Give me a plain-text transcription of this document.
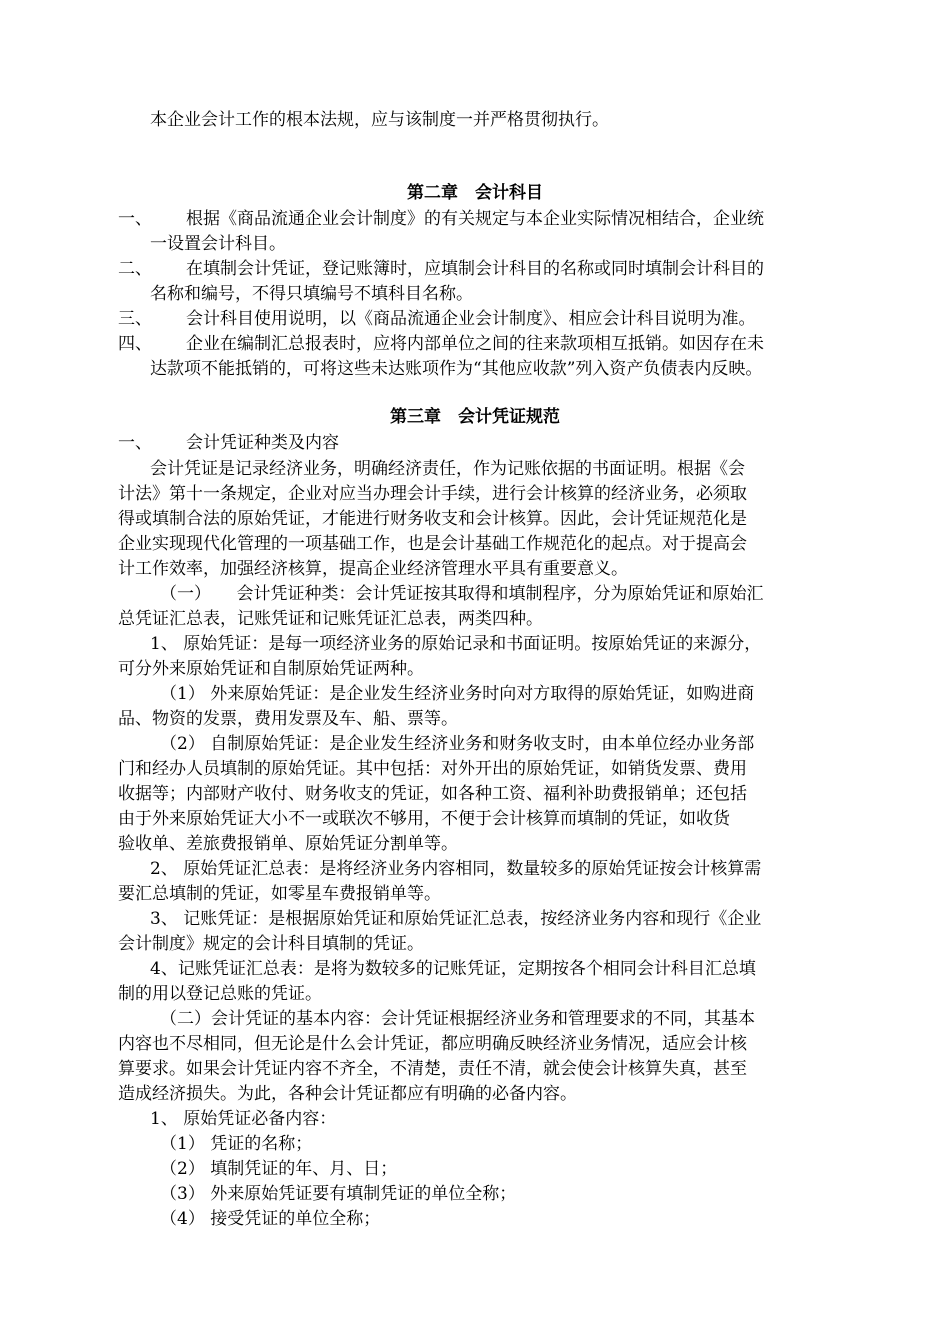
本企业会计工作的根本法规，应与该制度一并严格贯彻执行。
第二章　会计科目
一、 根据《商品流通企业会计制度》的有关规定与本企业实际情况相结合，企业统
一设置会计科目。
二、 在填制会计凭证，登记账簿时，应填制会计科目的名称或同时填制会计科目的
名称和编号，不得只填编号不填科目名称。
三、 会计科目使用说明，以《商品流通企业会计制度》、相应会计科目说明为准。
四、 企业在编制汇总报表时，应将内部单位之间的往来款项相互抵销。如因存在未
达款项不能抵销的，可将这些未达账项作为“其他应收款”列入资产负债表内反映。
第三章　会计凭证规范
一、 会计凭证种类及内容
会计凭证是记录经济业务，明确经济责任，作为记账依据的书面证明。根据《会
计法》第十一条规定，企业对应当办理会计手续，进行会计核算的经济业务，必须取
得或填制合法的原始凭证，才能进行财务收支和会计核算。因此，会计凭证规范化是
企业实现现代化管理的一项基础工作，也是会计基础工作规范化的起点。对于提高会
计工作效率，加强经济核算，提高企业经济管理水平具有重要意义。
（一）　　会计凭证种类：会计凭证按其取得和填制程序，分为原始凭证和原始汇
总凭证汇总表，记账凭证和记账凭证汇总表，两类四种。
1、 原始凭证：是每一项经济业务的原始记录和书面证明。按原始凭证的来源分，
可分外来原始凭证和自制原始凭证两种。
（1） 外来原始凭证：是企业发生经济业务时向对方取得的原始凭证，如购进商
品、物资的发票，费用发票及车、船、票等。
（2） 自制原始凭证：是企业发生经济业务和财务收支时，由本单位经办业务部
门和经办人员填制的原始凭证。其中包括：对外开出的原始凭证，如销货发票、费用
收据等；内部财产收付、财务收支的凭证，如各种工资、福利补助费报销单；还包括
由于外来原始凭证大小不一或联次不够用，不便于会计核算而填制的凭证，如收货
验收单、差旅费报销单、原始凭证分割单等。
2、 原始凭证汇总表：是将经济业务内容相同，数量较多的原始凭证按会计核算需
要汇总填制的凭证，如零星车费报销单等。
3、 记账凭证：是根据原始凭证和原始凭证汇总表，按经济业务内容和现行《企业
会计制度》规定的会计科目填制的凭证。
4、记账凭证汇总表：是将为数较多的记账凭证，定期按各个相同会计科目汇总填
制的用以登记总账的凭证。
（二）会计凭证的基本内容：会计凭证根据经济业务和管理要求的不同，其基本
内容也不尽相同，但无论是什么会计凭证，都应明确反映经济业务情况，适应会计核
算要求。如果会计凭证内容不齐全，不清楚，责任不清，就会使会计核算失真，甚至
造成经济损失。为此，各种会计凭证都应有明确的必备内容。
1、 原始凭证必备内容：
（1） 凭证的名称；
（2） 填制凭证的年、月、日；
（3） 外来原始凭证要有填制凭证的单位全称；
（4） 接受凭证的单位全称；
